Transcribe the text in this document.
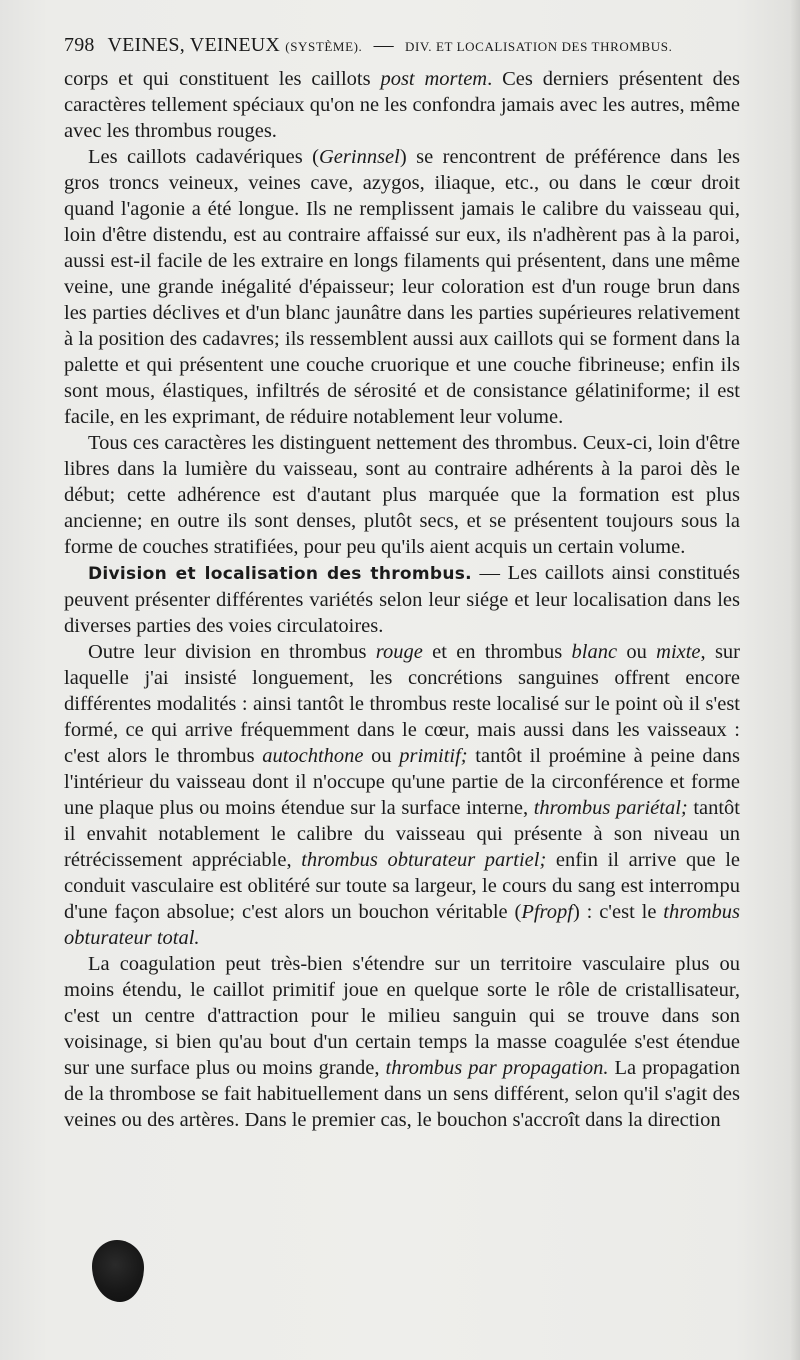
798 VEINES, VEINEUX (SYSTÈME). — DIV. ET LOCALISATION DES THROMBUS.

corps et qui constituent les caillots post mortem. Ces derniers présentent des caractères tellement spéciaux qu'on ne les confondra jamais avec les autres, même avec les thrombus rouges.

Les caillots cadavériques (Gerinnsel) se rencontrent de préférence dans les gros troncs veineux, veines cave, azygos, iliaque, etc., ou dans le cœur droit quand l'agonie a été longue. Ils ne remplissent jamais le calibre du vaisseau qui, loin d'être distendu, est au contraire affaissé sur eux, ils n'adhèrent pas à la paroi, aussi est-il facile de les extraire en longs filaments qui présentent, dans une même veine, une grande inégalité d'épaisseur; leur coloration est d'un rouge brun dans les parties déclives et d'un blanc jaunâtre dans les parties supérieures relativement à la position des cadavres; ils ressemblent aussi aux caillots qui se forment dans la palette et qui présentent une couche cruorique et une couche fibrineuse; enfin ils sont mous, élastiques, infiltrés de sérosité et de consistance gélatiniforme; il est facile, en les exprimant, de réduire notablement leur volume.

Tous ces caractères les distinguent nettement des thrombus. Ceux-ci, loin d'être libres dans la lumière du vaisseau, sont au contraire adhérents à la paroi dès le début; cette adhérence est d'autant plus marquée que la formation est plus ancienne; en outre ils sont denses, plutôt secs, et se présentent toujours sous la forme de couches stratifiées, pour peu qu'ils aient acquis un certain volume.

Division et localisation des thrombus. — Les caillots ainsi constitués peuvent présenter différentes variétés selon leur siége et leur localisation dans les diverses parties des voies circulatoires.

Outre leur division en thrombus rouge et en thrombus blanc ou mixte, sur laquelle j'ai insisté longuement, les concrétions sanguines offrent encore différentes modalités : ainsi tantôt le thrombus reste localisé sur le point où il s'est formé, ce qui arrive fréquemment dans le cœur, mais aussi dans les vaisseaux : c'est alors le thrombus autochthone ou primitif; tantôt il proémine à peine dans l'intérieur du vaisseau dont il n'occupe qu'une partie de la circonférence et forme une plaque plus ou moins étendue sur la surface interne, thrombus pariétal; tantôt il envahit notablement le calibre du vaisseau qui présente à son niveau un rétrécissement appréciable, thrombus obturateur partiel; enfin il arrive que le conduit vasculaire est oblitéré sur toute sa largeur, le cours du sang est interrompu d'une façon absolue; c'est alors un bouchon véritable (Pfropf) : c'est le thrombus obturateur total.

La coagulation peut très-bien s'étendre sur un territoire vasculaire plus ou moins étendu, le caillot primitif joue en quelque sorte le rôle de cristallisateur, c'est un centre d'attraction pour le milieu sanguin qui se trouve dans son voisinage, si bien qu'au bout d'un certain temps la masse coagulée s'est étendue sur une surface plus ou moins grande, thrombus par propagation. La propagation de la thrombose se fait habituellement dans un sens différent, selon qu'il s'agit des veines ou des artères. Dans le premier cas, le bouchon s'accroît dans la direction
